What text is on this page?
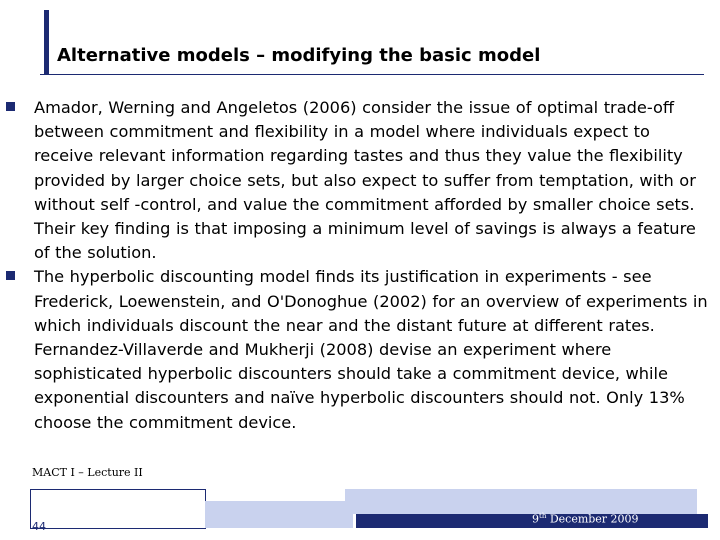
Alternative models – modifying the basic model
Amador, Werning and Angeletos (2006) consider the issue of optimal trade-off between commitment and flexibility in a model where individuals expect to receive relevant information regarding tastes and thus they value the flexibility provided by larger choice sets, but also expect to suffer from temptation, with or without self -control, and value the commitment afforded by smaller choice sets. Their key finding is that imposing a minimum level of savings is always a feature of the solution.
The hyperbolic discounting model finds its justification in experiments - see Frederick, Loewenstein, and O'Donoghue (2002) for an overview of experiments in which individuals discount the near and the distant future at different rates. Fernandez-Villaverde and Mukherji (2008) devise an experiment where sophisticated hyperbolic discounters should take a commitment device, while exponential discounters and naïve hyperbolic discounters should not. Only 13% choose the commitment device.
MACT I – Lecture II
44
9th December 2009
